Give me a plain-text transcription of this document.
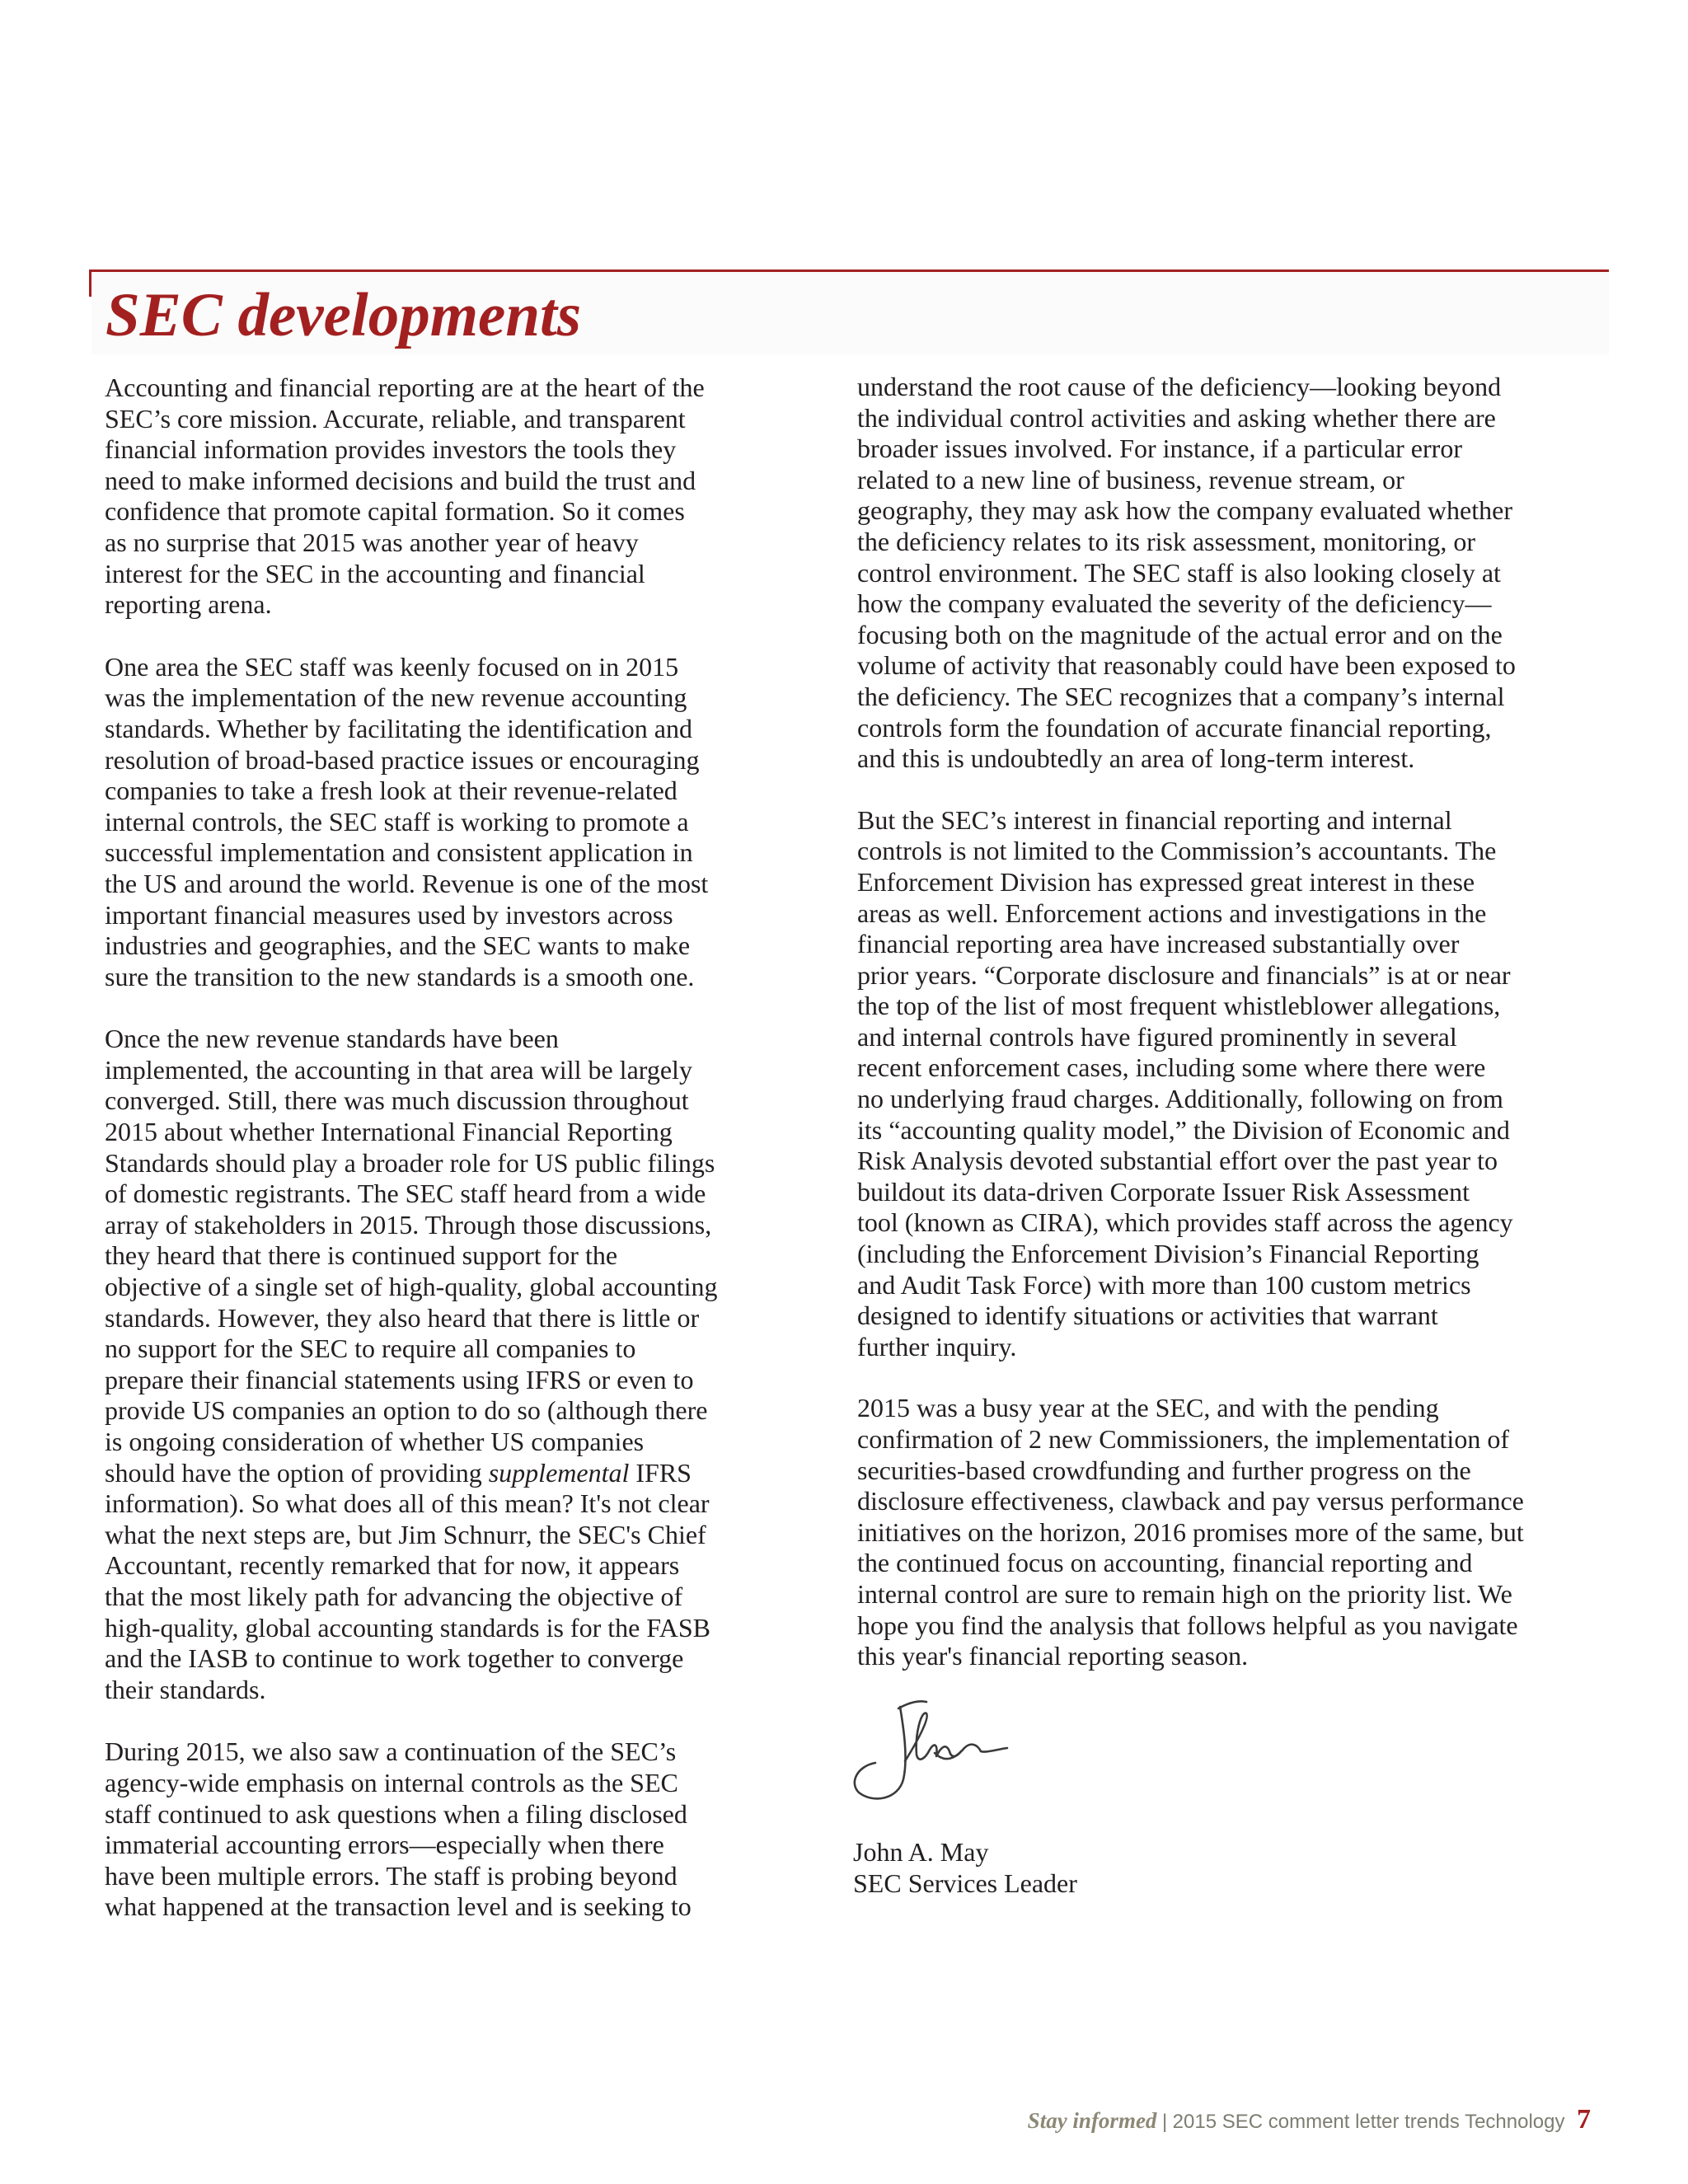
SEC developments

Accounting and financial reporting are at the heart of the
SEC’s core mission. Accurate, reliable, and transparent
financial information provides investors the tools they
need to make informed decisions and build the trust and
confidence that promote capital formation. So it comes
as no surprise that 2015 was another year of heavy
interest for the SEC in the accounting and financial
reporting arena.

One area the SEC staff was keenly focused on in 2015
was the implementation of the new revenue accounting
standards. Whether by facilitating the identification and
resolution of broad-based practice issues or encouraging
companies to take a fresh look at their revenue-related
internal controls, the SEC staff is working to promote a
successful implementation and consistent application in
the US and around the world. Revenue is one of the most
important financial measures used by investors across
industries and geographies, and the SEC wants to make
sure the transition to the new standards is a smooth one.

Once the new revenue standards have been
implemented, the accounting in that area will be largely
converged. Still, there was much discussion throughout
2015 about whether International Financial Reporting
Standards should play a broader role for US public filings
of domestic registrants. The SEC staff heard from a wide
array of stakeholders in 2015. Through those discussions,
they heard that there is continued support for the
objective of a single set of high-quality, global accounting
standards. However, they also heard that there is little or
no support for the SEC to require all companies to
prepare their financial statements using IFRS or even to
provide US companies an option to do so (although there
is ongoing consideration of whether US companies
should have the option of providing supplemental IFRS
information). So what does all of this mean? It's not clear
what the next steps are, but Jim Schnurr, the SEC's Chief
Accountant, recently remarked that for now, it appears
that the most likely path for advancing the objective of
high-quality, global accounting standards is for the FASB
and the IASB to continue to work together to converge
their standards.

During 2015, we also saw a continuation of the SEC’s
agency-wide emphasis on internal controls as the SEC
staff continued to ask questions when a filing disclosed
immaterial accounting errors—especially when there
have been multiple errors. The staff is probing beyond
what happened at the transaction level and is seeking to

understand the root cause of the deficiency—looking beyond
the individual control activities and asking whether there are
broader issues involved. For instance, if a particular error
related to a new line of business, revenue stream, or
geography, they may ask how the company evaluated whether
the deficiency relates to its risk assessment, monitoring, or
control environment. The SEC staff is also looking closely at
how the company evaluated the severity of the deficiency—
focusing both on the magnitude of the actual error and on the
volume of activity that reasonably could have been exposed to
the deficiency. The SEC recognizes that a company’s internal
controls form the foundation of accurate financial reporting,
and this is undoubtedly an area of long-term interest.

But the SEC’s interest in financial reporting and internal
controls is not limited to the Commission’s accountants. The
Enforcement Division has expressed great interest in these
areas as well. Enforcement actions and investigations in the
financial reporting area have increased substantially over
prior years. “Corporate disclosure and financials” is at or near
the top of the list of most frequent whistleblower allegations,
and internal controls have figured prominently in several
recent enforcement cases, including some where there were
no underlying fraud charges. Additionally, following on from
its “accounting quality model,” the Division of Economic and
Risk Analysis devoted substantial effort over the past year to
buildout its data-driven Corporate Issuer Risk Assessment
tool (known as CIRA), which provides staff across the agency
(including the Enforcement Division’s Financial Reporting
and Audit Task Force) with more than 100 custom metrics
designed to identify situations or activities that warrant
further inquiry.

2015 was a busy year at the SEC, and with the pending
confirmation of 2 new Commissioners, the implementation of
securities-based crowdfunding and further progress on the
disclosure effectiveness, clawback and pay versus performance
initiatives on the horizon, 2016 promises more of the same, but
the continued focus on accounting, financial reporting and
internal control are sure to remain high on the priority list. We
hope you find the analysis that follows helpful as you navigate
this year's financial reporting season.

John A. May
SEC Services Leader
Stay informed | 2015 SEC comment letter trends Technology 7
